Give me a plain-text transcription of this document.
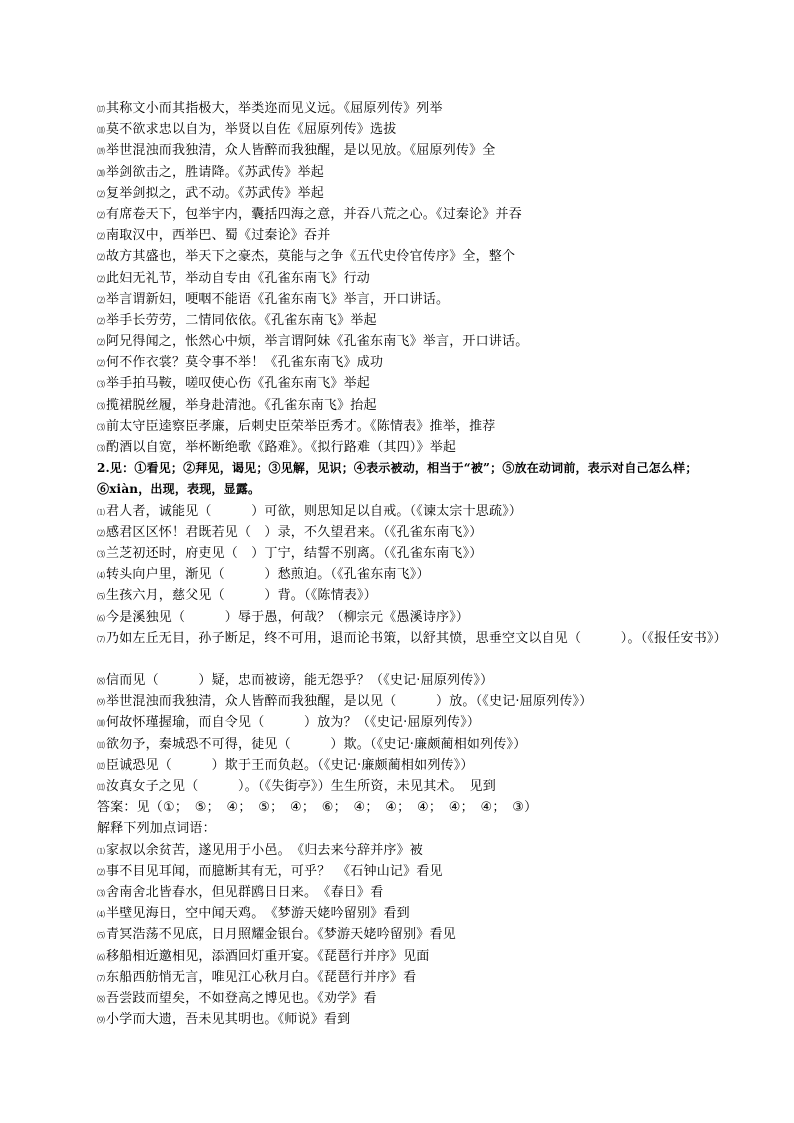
⒄其称文小而其指极大，举类迩而见义远。《屈原列传》列举
⒅莫不欲求忠以自为，举贤以自佐《屈原列传》选拔
⒆举世混浊而我独清，众人皆醉而我独醒，是以见放。《屈原列传》全
⒇举剑欲击之，胜请降。《苏武传》举起
⑵复举剑拟之，武不动。《苏武传》举起
⑵有席卷天下，包举宇内，囊括四海之意，并吞八荒之心。《过秦论》并吞
⑵南取汉中，西举巴、蜀《过秦论》吞并
⑵故方其盛也，举天下之豪杰，莫能与之争《五代史伶官传序》全，整个
⑵此妇无礼节，举动自专由《孔雀东南飞》行动
⑵举言谓新妇，哽咽不能语《孔雀东南飞》举言，开口讲话。
⑵举手长劳劳，二情同依依。《孔雀东南飞》举起
⑵阿兄得闻之，怅然心中烦，举言谓阿妹《孔雀东南飞》举言，开口讲话。
⑵何不作衣裳？莫令事不举！《孔雀东南飞》成功
⑶举手拍马鞍，嗟叹使心伤《孔雀东南飞》举起
⑶揽裙脱丝履，举身赴清池。《孔雀东南飞》抬起
⑶前太守臣逵察臣孝廉，后刺史臣荣举臣秀才。《陈情表》推举，推荐
⑶酌酒以自宽，举杯断绝歌《路难》。《拟行路难（其四）》举起
2.见：①看见；②拜见，谒见；③见解，见识；④表示被动，相当于“被”；⑤放在动词前，表示对自己怎么样；⑥xiàn，出现，表现，显露。
⑴君人者，诚能见（　　　）可欲，则思知足以自戒。（《谏太宗十思疏》）
⑵感君区区怀！君既若见（　）录，不久望君来。（《孔雀东南飞》）
⑶兰芝初还时，府吏见（　）丁宁，结誓不别离。（《孔雀东南飞》）
⑷转头向户里，渐见（　　　）愁煎迫。（《孔雀东南飞》）
⑸生孩六月，慈父见（　　　）背。（《陈情表》）
⑹今是溪独见（　　　）辱于愚，何哉？（柳宗元《愚溪诗序》）
⑺乃如左丘无目，孙子断足，终不可用，退而论书策，以舒其愤，思垂空文以自见（　　　）。（《报任安书》）
⑻信而见（　　　）疑，忠而被谤，能无怨乎？（《史记·屈原列传》）
⑼举世混浊而我独清，众人皆醉而我独醒，是以见（　　　）放。（《史记·屈原列传》）
⑽何故怀瑾握瑜，而自令见（　　　）放为？（《史记·屈原列传》）
⑾欲勿予，秦城恐不可得，徒见（　　　）欺。（《史记·廉颇蔺相如列传》）
⑿臣诚恐见（　　　）欺于王而负赵。（《史记·廉颇蔺相如列传》）
⒀汝真女子之见（　　　）。（《失街亭》）生生所资，未见其术。　见到
答案：见（①；　⑤；　④；　⑤；　④；　⑥；　④；　④；　④；　④；　④；　③）
解释下列加点词语：
⑴家叔以余贫苦，遂见用于小邑。　《归去来兮辞并序》被
⑵事不目见耳闻，而臆断其有无，可乎？　《石钟山记》看见
⑶舍南舍北皆春水，但见群鸥日日来。　《春日》看
⑷半壁见海日，空中闻天鸡。　《梦游天姥吟留别》看到
⑸青冥浩荡不见底，日月照耀金银台。《梦游天姥吟留别》看见
⑹移船相近邀相见，添酒回灯重开宴。《琵琶行并序》见面
⑺东船西舫悄无言，唯见江心秋月白。《琵琶行并序》看
⑻吾尝跂而望矣，不如登高之博见也。《劝学》看
⑼小学而大遗，吾未见其明也。《师说》看到
